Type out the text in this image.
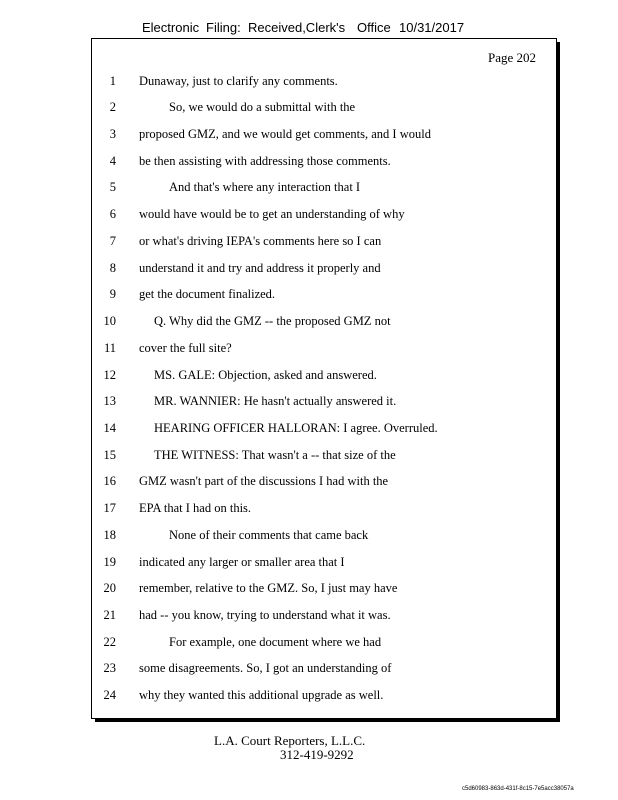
Electronic Filing: Received,Clerk's Office 10/31/2017
Page 202
1 Dunaway, just to clarify any comments.
2	So, we would do a submittal with the
3 proposed GMZ, and we would get comments, and I would
4 be then assisting with addressing those comments.
5	And that's where any interaction that I
6 would have would be to get an understanding of why
7 or what's driving IEPA's comments here so I can
8 understand it and try and address it properly and
9 get the document finalized.
10	Q. Why did the GMZ -- the proposed GMZ not
11 cover the full site?
12	MS. GALE: Objection, asked and answered.
13	MR. WANNIER: He hasn't actually answered it.
14	HEARING OFFICER HALLORAN: I agree. Overruled.
15	THE WITNESS: That wasn't a -- that size of the
16 GMZ wasn't part of the discussions I had with the
17 EPA that I had on this.
18	None of their comments that came back
19 indicated any larger or smaller area that I
20 remember, relative to the GMZ. So, I just may have
21 had -- you know, trying to understand what it was.
22	For example, one document where we had
23 some disagreements. So, I got an understanding of
24 why they wanted this additional upgrade as well.
L.A. Court Reporters, L.L.C.
312-419-9292
c5d60983-863d-431f-8c15-7e5acc38057a
